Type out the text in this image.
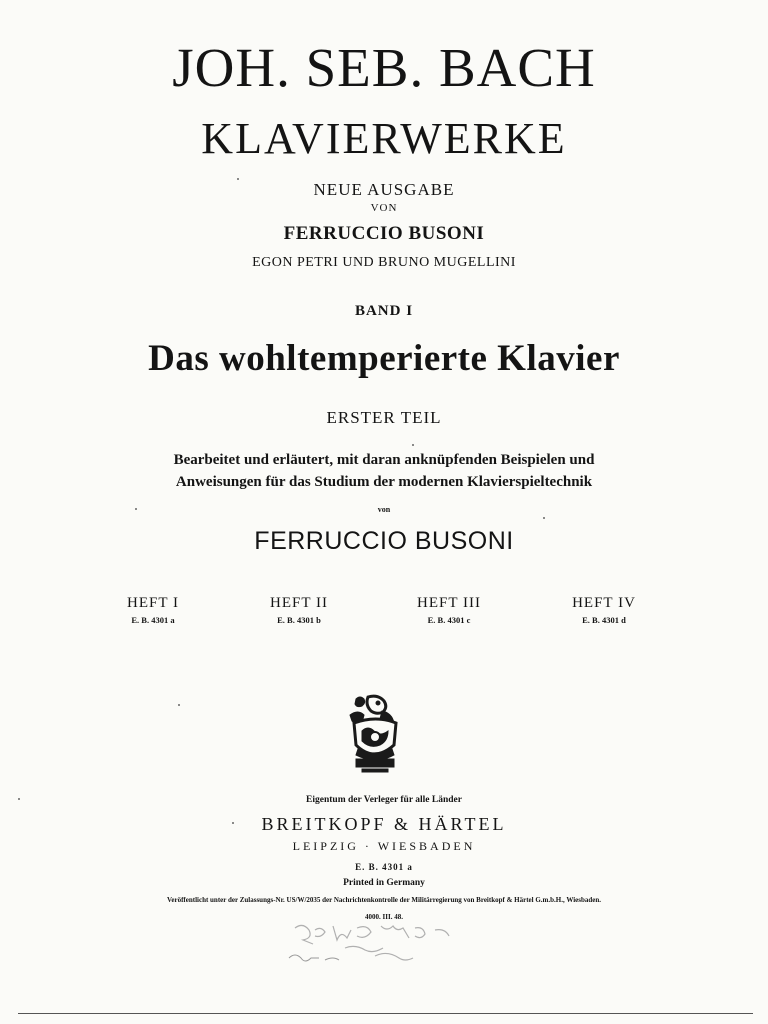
JOH. SEB. BACH
KLAVIERWERKE
NEUE AUSGABE
VON
FERRUCCIO BUSONI
EGON PETRI UND BRUNO MUGELLINI
BAND I
Das wohltemperierte Klavier
ERSTER TEIL
Bearbeitet und erläutert, mit daran anknüpfenden Beispielen und
Anweisungen für das Studium der modernen Klavierspieltechnik
von
FERRUCCIO BUSONI
HEFT I
E. B. 4301 a
HEFT II
E. B. 4301 b
HEFT III
E. B. 4301 c
HEFT IV
E. B. 4301 d
Eigentum der Verleger für alle Länder
BREITKOPF & HÄRTEL
LEIPZIG · WIESBADEN
E. B. 4301 a
Printed in Germany
Veröffentlicht unter der Zulassungs-Nr. US/W/2035 der Nachrichtenkontrolle der Militärregierung von Breitkopf & Härtel G.m.b.H., Wiesbaden.
4000. III. 48.
